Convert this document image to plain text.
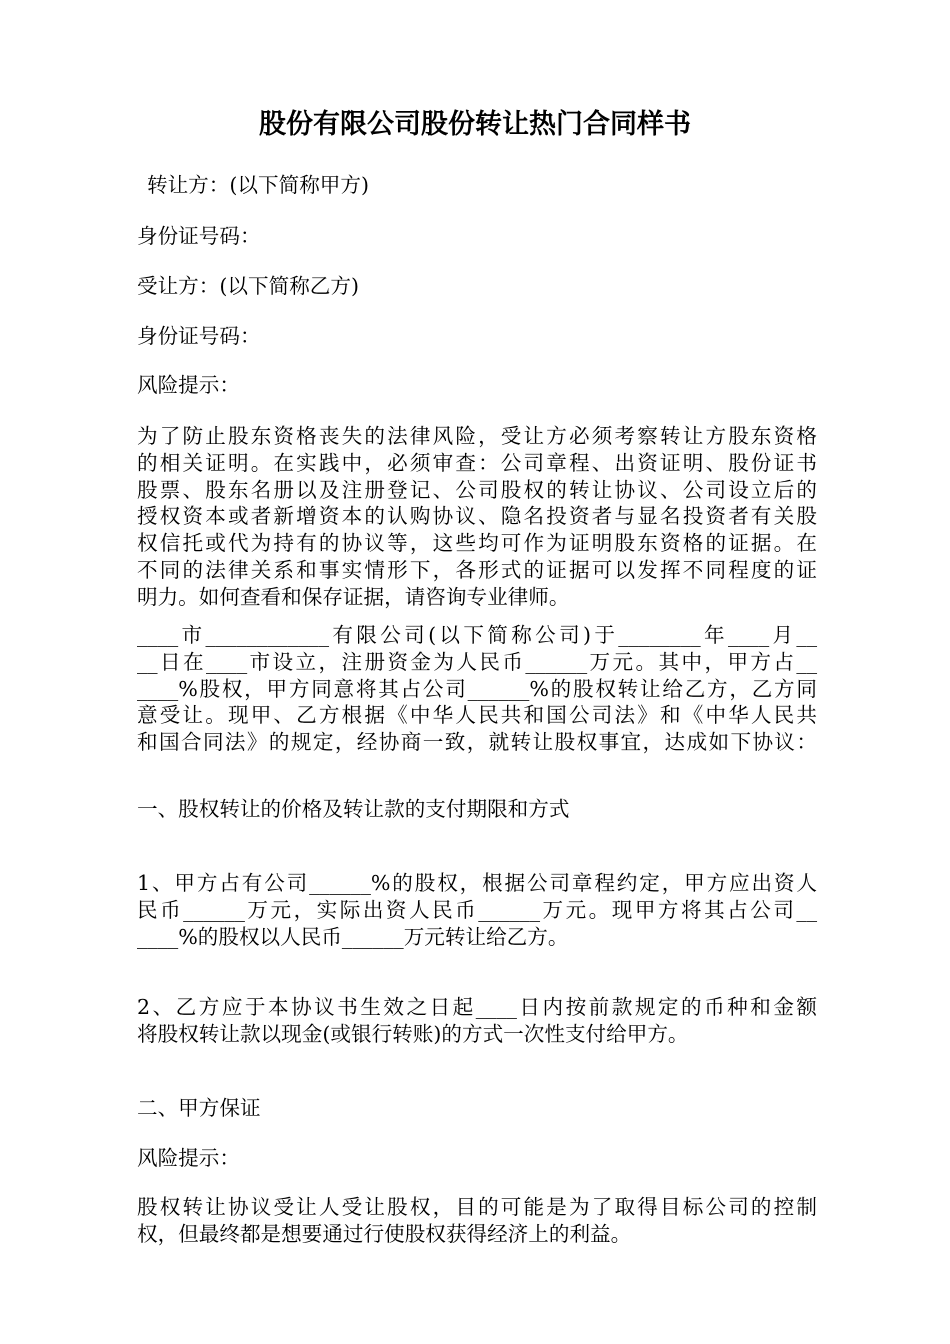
股份有限公司股份转让热门合同样书
转让方：(以下简称甲方)
身份证号码：
受让方：(以下简称乙方)
身份证号码：
风险提示：
为了防止股东资格丧失的法律风险，受让方必须考察转让方股东资格
的相关证明。在实践中，必须审查：公司章程、出资证明、股份证书
股票、股东名册以及注册登记、公司股权的转让协议、公司设立后的
授权资本或者新增资本的认购协议、隐名投资者与显名投资者有关股
权信托或代为持有的协议等，这些均可作为证明股东资格的证据。在
不同的法律关系和事实情形下，各形式的证据可以发挥不同程度的证
明力。如何查看和保存证据，请咨询专业律师。
____市____________有限公司(以下简称公司)于________年____月__
__日在____市设立，注册资金为人民币______万元。其中，甲方占__
____%股权，甲方同意将其占公司______%的股权转让给乙方，乙方同
意受让。现甲、乙方根据《中华人民共和国公司法》和《中华人民共
和国合同法》的规定，经协商一致，就转让股权事宜，达成如下协议：
一、股权转让的价格及转让款的支付期限和方式
1、甲方占有公司______%的股权，根据公司章程约定，甲方应出资人
民币______万元，实际出资人民币______万元。现甲方将其占公司__
____%的股权以人民币______万元转让给乙方。
2、乙方应于本协议书生效之日起____日内按前款规定的币种和金额
将股权转让款以现金(或银行转账)的方式一次性支付给甲方。
二、甲方保证
风险提示：
股权转让协议受让人受让股权，目的可能是为了取得目标公司的控制
权，但最终都是想要通过行使股权获得经济上的利益。
